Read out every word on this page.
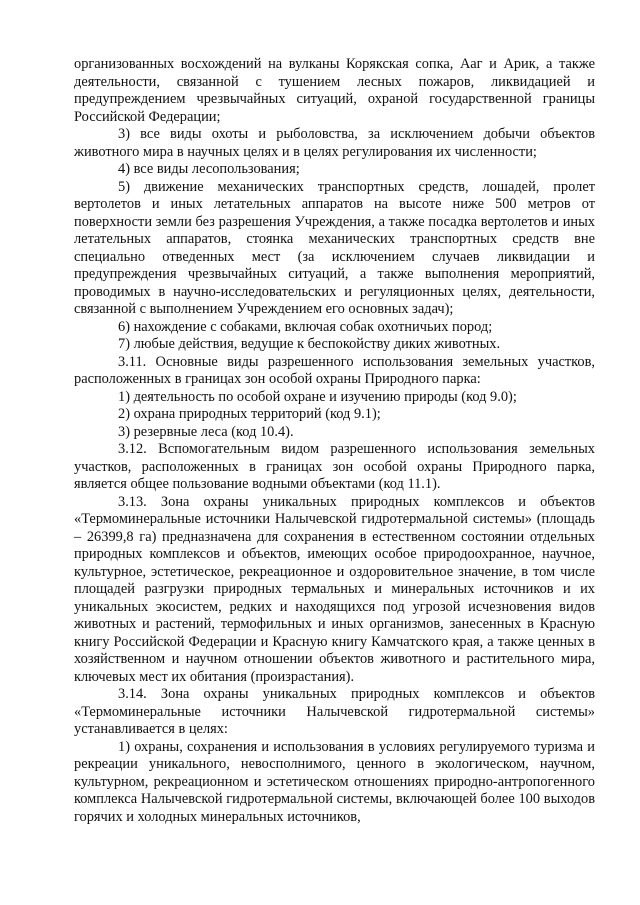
организованных восхождений на вулканы Корякская сопка, Ааг и Арик, а также деятельности, связанной с тушением лесных пожаров, ликвидацией и предупреждением чрезвычайных ситуаций, охраной государственной границы Российской Федерации;

3) все виды охоты и рыболовства, за исключением добычи объектов животного мира в научных целях и в целях регулирования их численности;

4) все виды лесопользования;

5) движение механических транспортных средств, лошадей, пролет вертолетов и иных летательных аппаратов на высоте ниже 500 метров от поверхности земли без разрешения Учреждения, а также посадка вертолетов и иных летательных аппаратов, стоянка механических транспортных средств вне специально отведенных мест (за исключением случаев ликвидации и предупреждения чрезвычайных ситуаций, а также выполнения мероприятий, проводимых в научно-исследовательских и регуляционных целях, деятельности, связанной с выполнением Учреждением его основных задач);

6) нахождение с собаками, включая собак охотничьих пород;

7) любые действия, ведущие к беспокойству диких животных.

3.11. Основные виды разрешенного использования земельных участков, расположенных в границах зон особой охраны Природного парка:

1) деятельность по особой охране и изучению природы (код 9.0);

2) охрана природных территорий (код 9.1);

3) резервные леса (код 10.4).

3.12. Вспомогательным видом разрешенного использования земельных участков, расположенных в границах зон особой охраны Природного парка, является общее пользование водными объектами (код 11.1).

3.13. Зона охраны уникальных природных комплексов и объектов «Термоминеральные источники Налычевской гидротермальной системы» (площадь – 26399,8 га) предназначена для сохранения в естественном состоянии отдельных природных комплексов и объектов, имеющих особое природоохранное, научное, культурное, эстетическое, рекреационное и оздоровительное значение, в том числе площадей разгрузки природных термальных и минеральных источников и их уникальных экосистем, редких и находящихся под угрозой исчезновения видов животных и растений, термофильных и иных организмов, занесенных в Красную книгу Российской Федерации и Красную книгу Камчатского края, а также ценных в хозяйственном и научном отношении объектов животного и растительного мира, ключевых мест их обитания (произрастания).

3.14. Зона охраны уникальных природных комплексов и объектов «Термоминеральные источники Налычевской гидротермальной системы» устанавливается в целях:

1) охраны, сохранения и использования в условиях регулируемого туризма и рекреации уникального, невосполнимого, ценного в экологическом, научном, культурном, рекреационном и эстетическом отношениях природно-антропогенного комплекса Налычевской гидротермальной системы, включающей более 100 выходов горячих и холодных минеральных источников,
